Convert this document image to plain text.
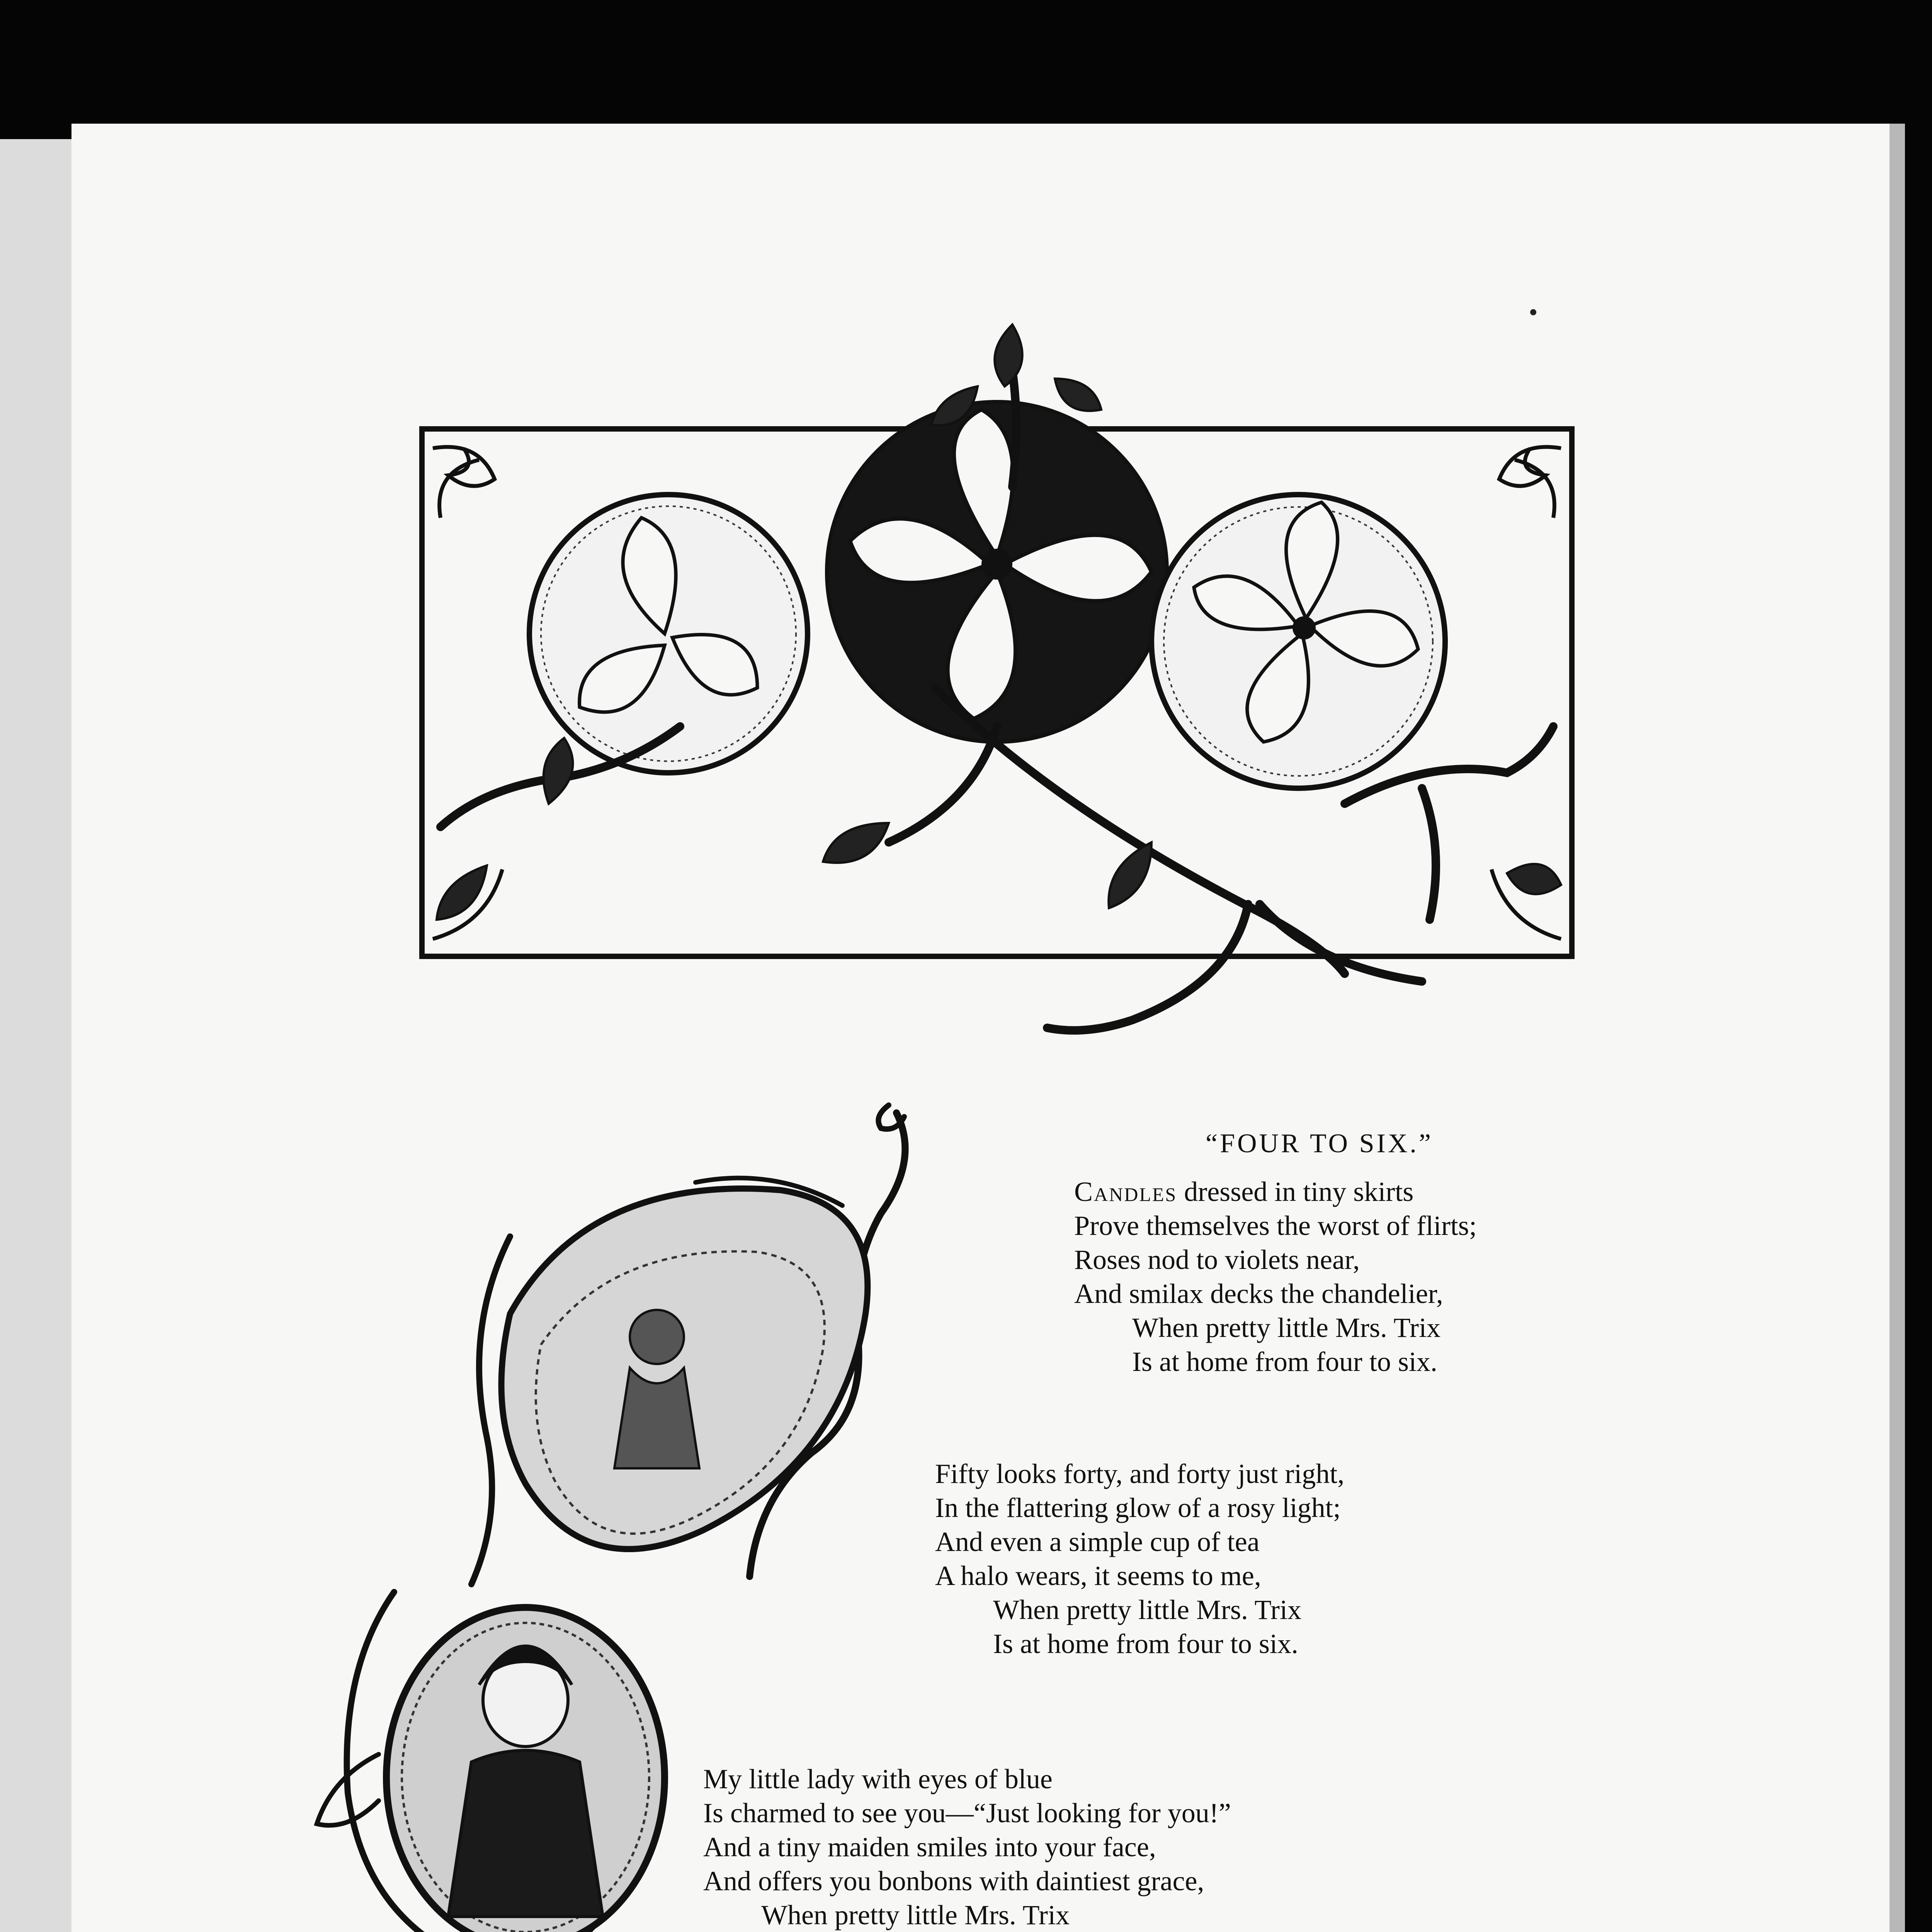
“FOUR TO SIX.”
Candles dressed in tiny skirts
Prove themselves the worst of flirts;
Roses nod to violets near,
And smilax decks the chandelier,
When pretty little Mrs. Trix
Is at home from four to six.
Fifty looks forty, and forty just right,
In the flattering glow of a rosy light;
And even a simple cup of tea
A halo wears, it seems to me,
When pretty little Mrs. Trix
Is at home from four to six.
My little lady with eyes of blue
Is charmed to see you—“Just looking for you!”
And a tiny maiden smiles into your face,
And offers you bonbons with daintiest grace,
When pretty little Mrs. Trix
